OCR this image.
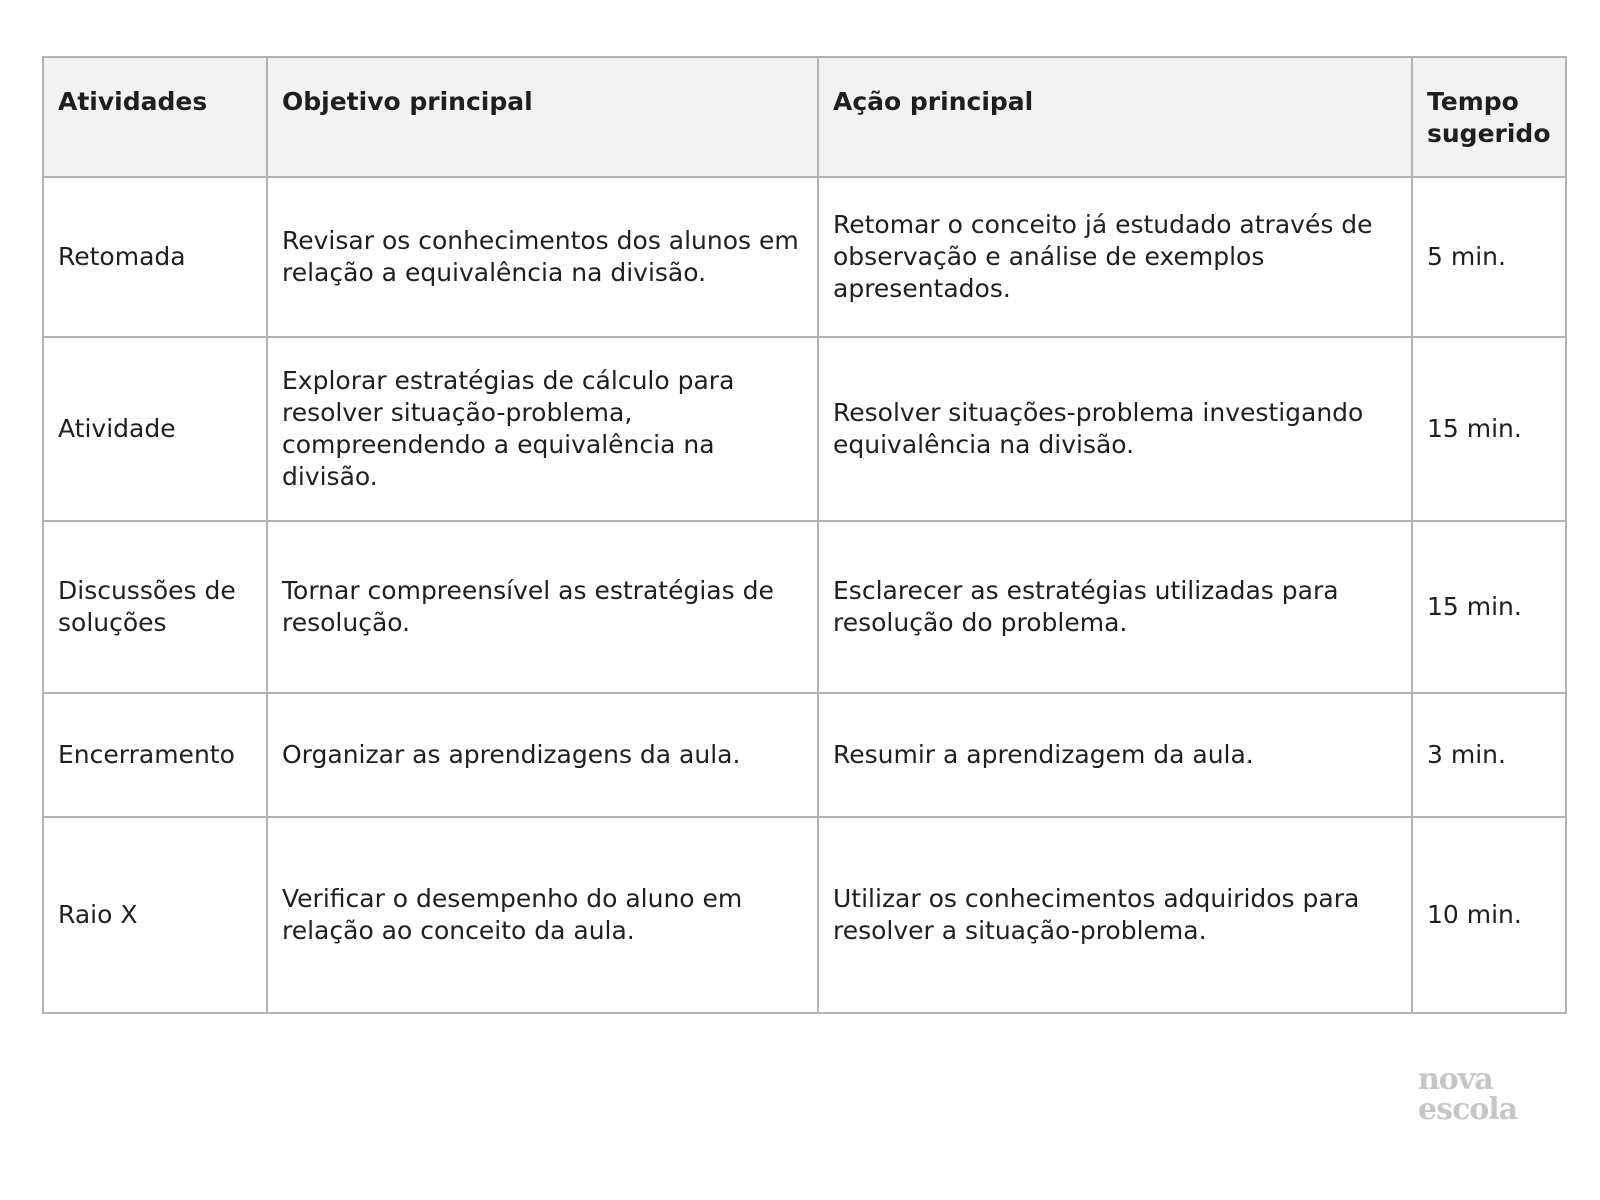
Atividades	Objetivo principal	Ação principal	Tempo sugerido
Retomada	Revisar os conhecimentos dos alunos em relação a equivalência na divisão.	Retomar o conceito já estudado através de observação e análise de exemplos apresentados.	5 min.
Atividade	Explorar estratégias de cálculo para resolver situação-problema, compreendendo a equivalência na divisão.	Resolver situações-problema investigando equivalência na divisão.	15 min.
Discussões de soluções	Tornar compreensível as estratégias de resolução.	Esclarecer as estratégias utilizadas para resolução do problema.	15 min.
Encerramento	Organizar as aprendizagens da aula.	Resumir a aprendizagem da aula.	3 min.
Raio X	Verificar o desempenho do aluno em relação ao conceito da aula.	Utilizar os conhecimentos adquiridos para resolver a situação-problema.	10 min.
nova
escola
